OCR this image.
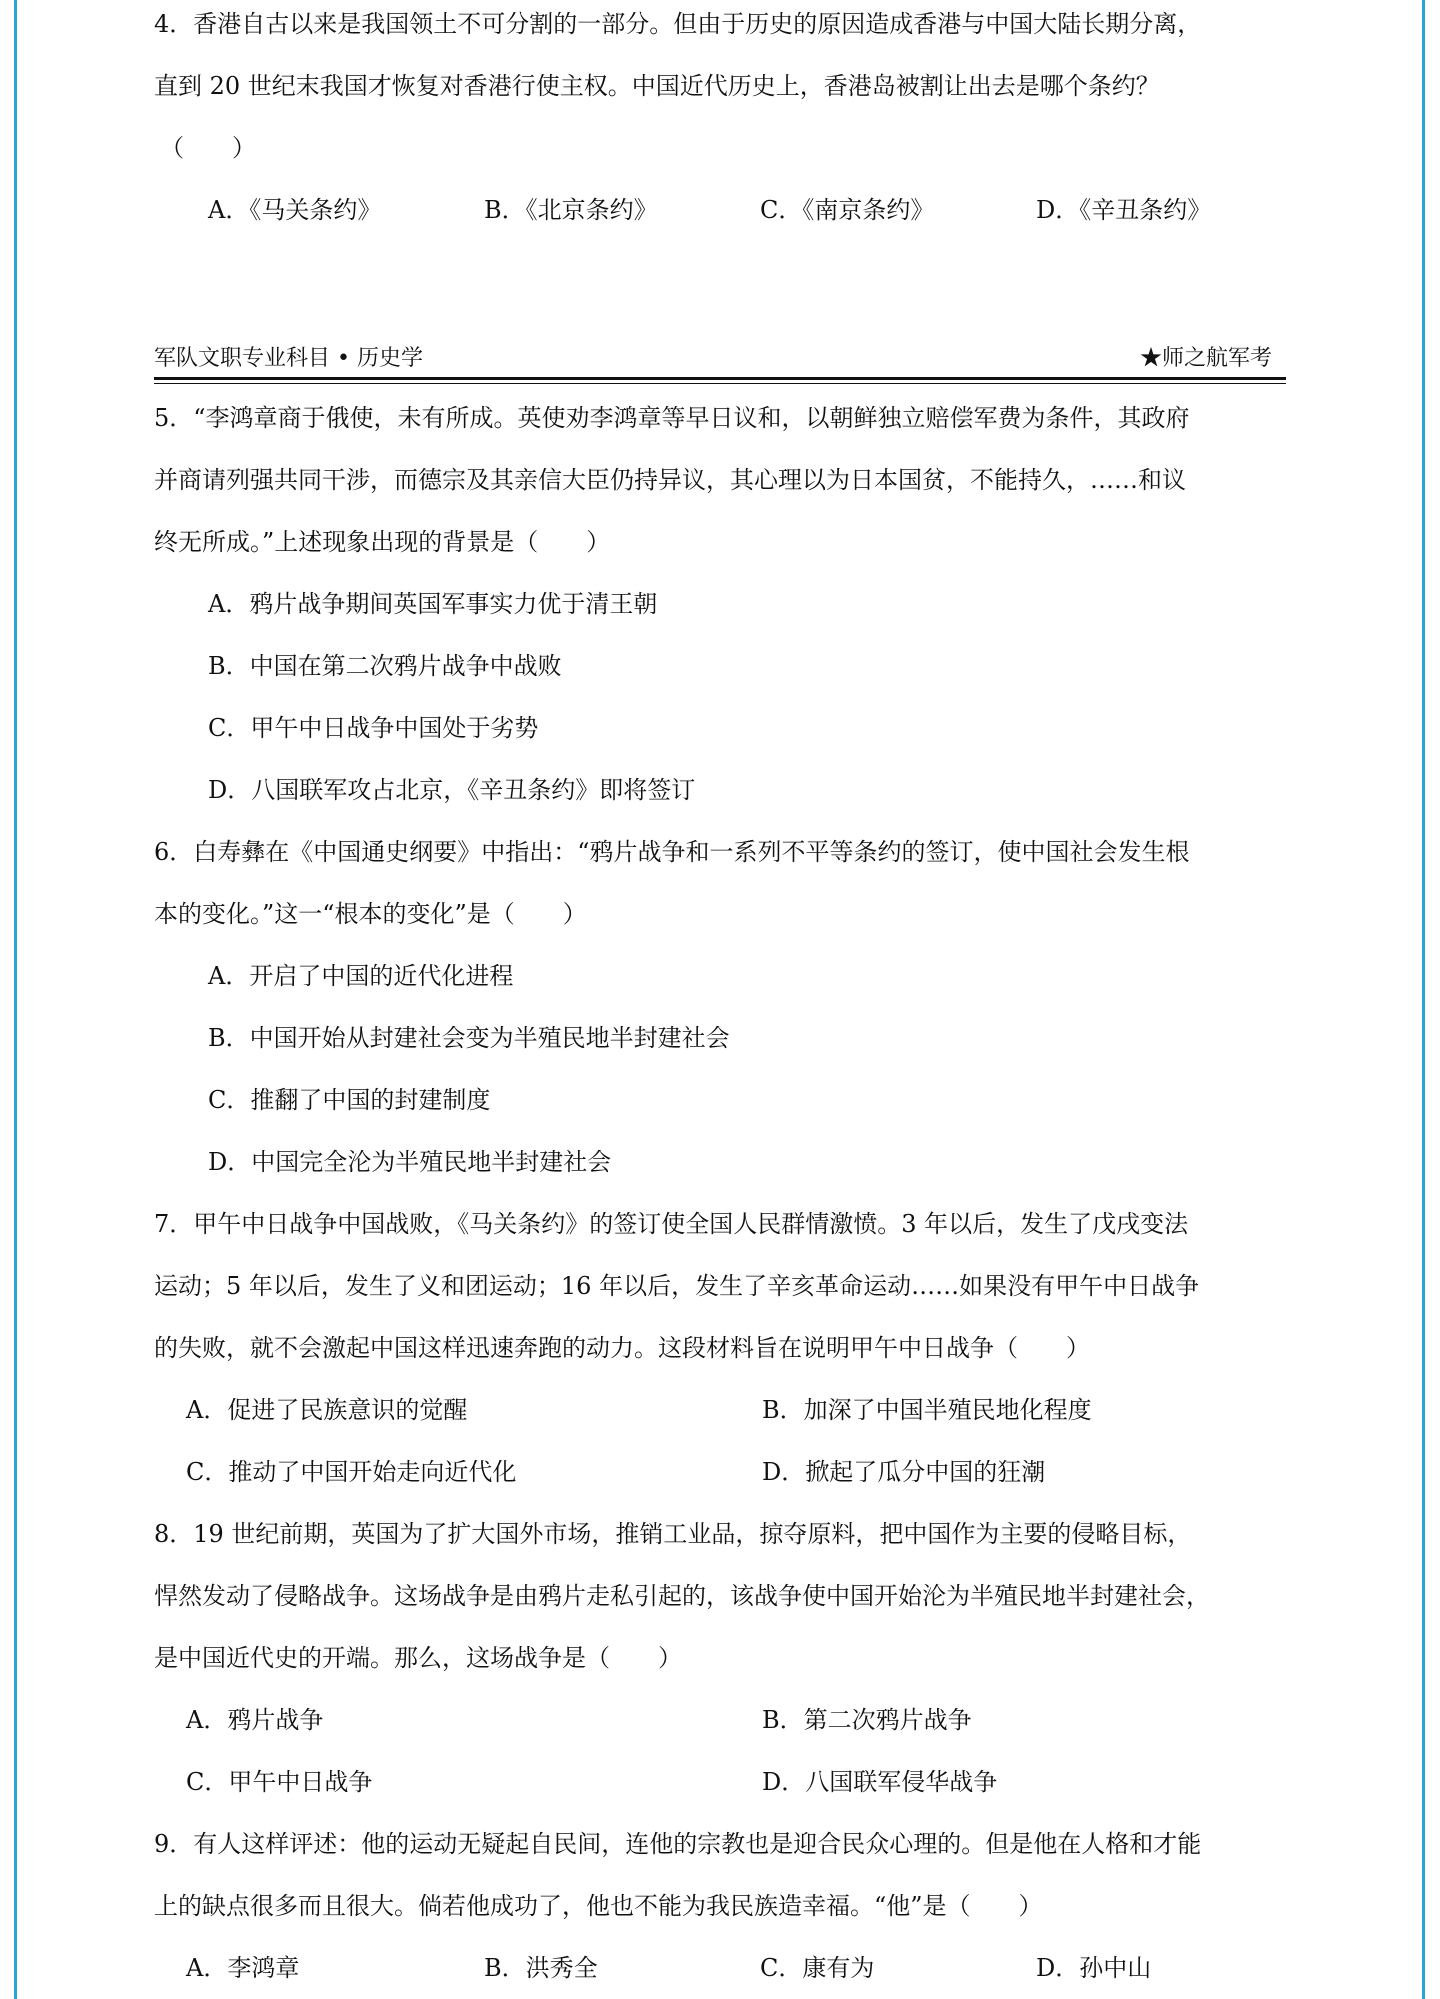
4．香港自古以来是我国领土不可分割的一部分。但由于历史的原因造成香港与中国大陆长期分离，
直到 20 世纪末我国才恢复对香港行使主权。中国近代历史上，香港岛被割让出去是哪个条约？
（　　）
A．《马关条约》	B．《北京条约》	C．《南京条约》	D．《辛丑条约》
军队文职专业科目 • 历史学	★师之航军考
5．“李鸿章商于俄使，未有所成。英使劝李鸿章等早日议和，以朝鲜独立赔偿军费为条件，其政府
并商请列强共同干涉，而德宗及其亲信大臣仍持异议，其心理以为日本国贫，不能持久，……和议
终无所成。”上述现象出现的背景是（　　）
A．鸦片战争期间英国军事实力优于清王朝
B．中国在第二次鸦片战争中战败
C．甲午中日战争中国处于劣势
D．八国联军攻占北京，《辛丑条约》即将签订
6．白寿彝在《中国通史纲要》中指出：“鸦片战争和一系列不平等条约的签订，使中国社会发生根
本的变化。”这一“根本的变化”是（　　）
A．开启了中国的近代化进程
B．中国开始从封建社会变为半殖民地半封建社会
C．推翻了中国的封建制度
D．中国完全沦为半殖民地半封建社会
7．甲午中日战争中国战败，《马关条约》的签订使全国人民群情激愤。3 年以后，发生了戊戌变法
运动；5 年以后，发生了义和团运动；16 年以后，发生了辛亥革命运动……如果没有甲午中日战争
的失败，就不会激起中国这样迅速奔跑的动力。这段材料旨在说明甲午中日战争（　　）
A．促进了民族意识的觉醒	B．加深了中国半殖民地化程度
C．推动了中国开始走向近代化	D．掀起了瓜分中国的狂潮
8．19 世纪前期，英国为了扩大国外市场，推销工业品，掠夺原料，把中国作为主要的侵略目标，
悍然发动了侵略战争。这场战争是由鸦片走私引起的，该战争使中国开始沦为半殖民地半封建社会，
是中国近代史的开端。那么，这场战争是（　　）
A．鸦片战争	B．第二次鸦片战争
C．甲午中日战争	D．八国联军侵华战争
9．有人这样评述：他的运动无疑起自民间，连他的宗教也是迎合民众心理的。但是他在人格和才能
上的缺点很多而且很大。倘若他成功了，他也不能为我民族造幸福。“他”是（　　）
A．李鸿章	B．洪秀全	C．康有为	D．孙中山
